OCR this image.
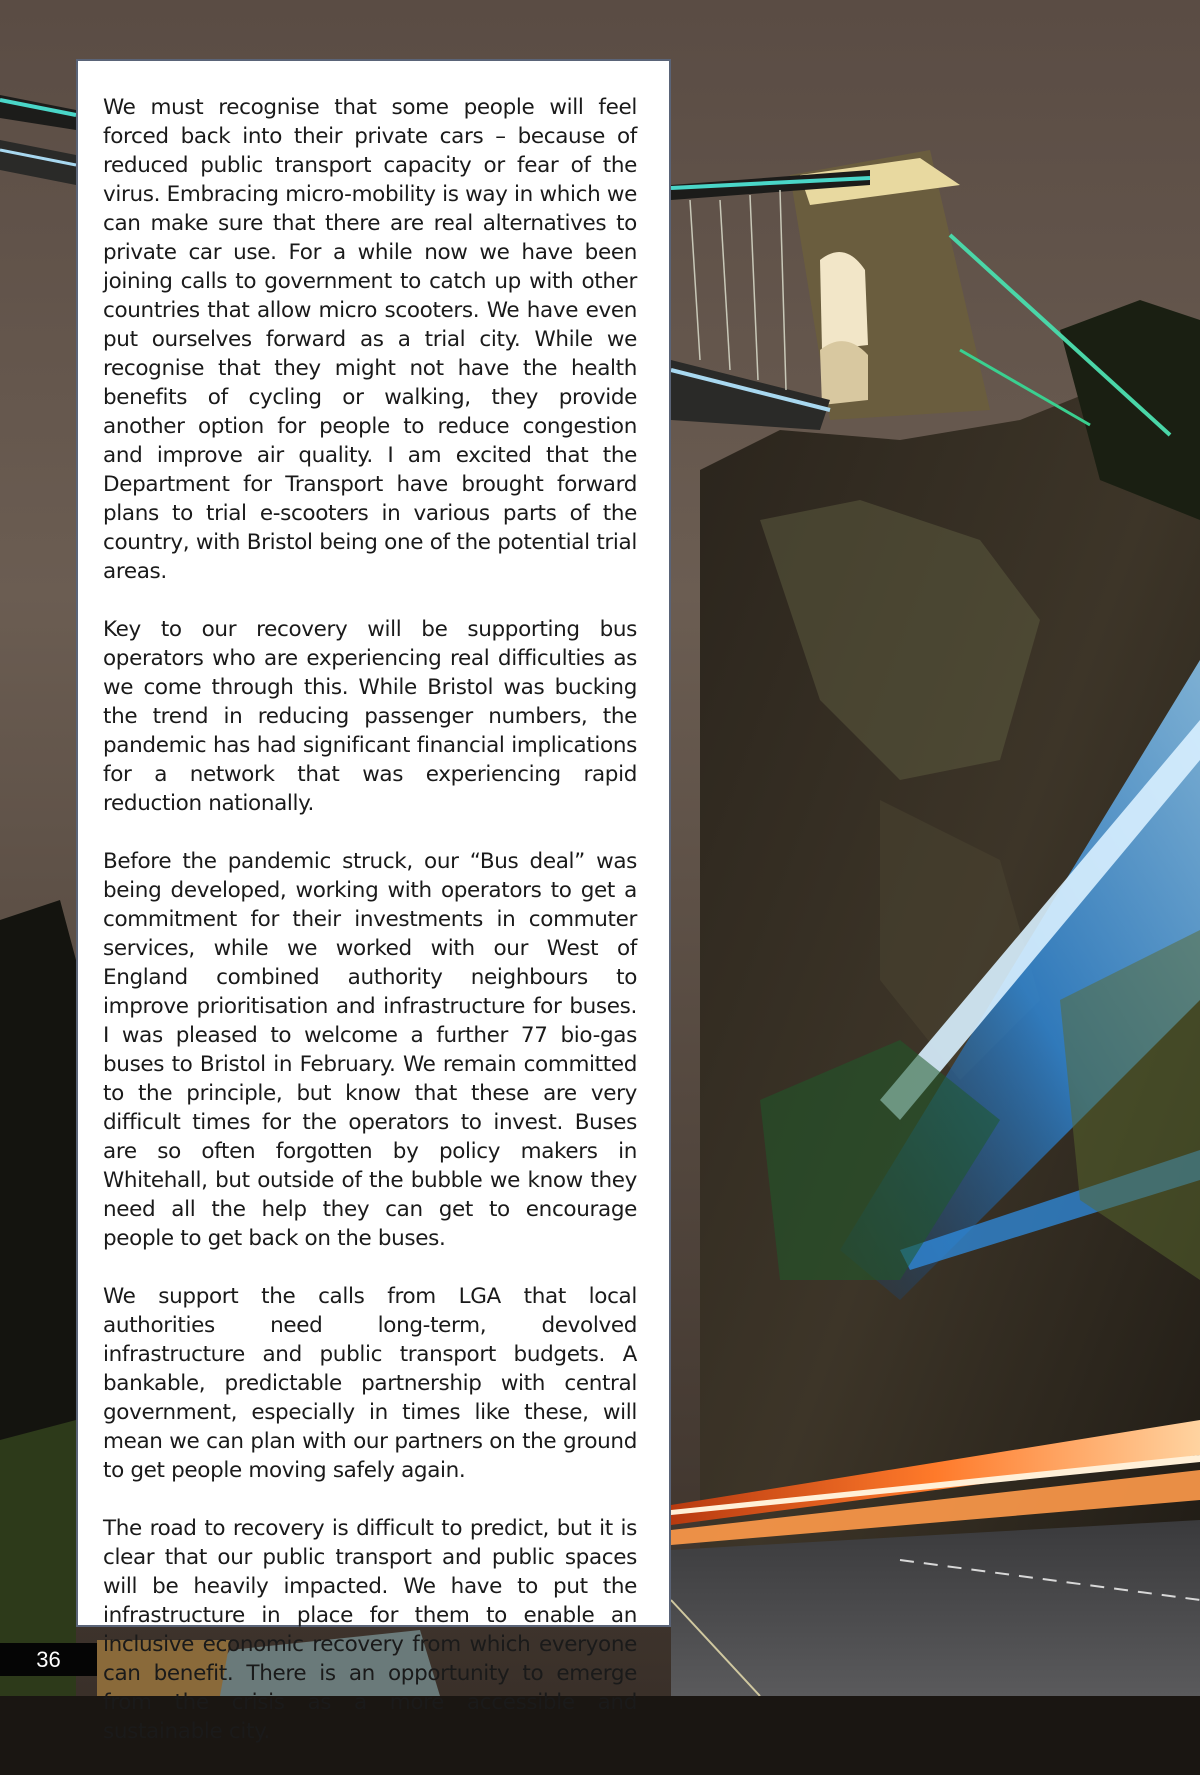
We must recognise that some people will feel forced back into their private cars – because of reduced public transport capacity or fear of the virus. Embracing micro-mobility is way in which we can make sure that there are real alternatives to private car use. For a while now we have been joining calls to government to catch up with other countries that allow micro scooters. We have even put ourselves forward as a trial city. While we recognise that they might not have the health benefits of cycling or walking, they provide another option for people to reduce congestion and improve air quality. I am excited that the Department for Transport have brought forward plans to trial e-scooters in various parts of the country, with Bristol being one of the potential trial areas.

Key to our recovery will be supporting bus operators who are experiencing real difficulties as we come through this. While Bristol was bucking the trend in reducing passenger numbers, the pandemic has had significant financial implications for a network that was experiencing rapid reduction nationally.

Before the pandemic struck, our “Bus deal” was being developed, working with operators to get a commitment for their investments in commuter services, while we worked with our West of England combined authority neighbours to improve prioritisation and infrastructure for buses. I was pleased to welcome a further 77 bio-gas buses to Bristol in February. We remain committed to the principle, but know that these are very difficult times for the operators to invest. Buses are so often forgotten by policy makers in Whitehall, but outside of the bubble we know they need all the help they can get to encourage people to get back on the buses.

We support the calls from LGA that local authorities need long-term, devolved infrastructure and public transport budgets. A bankable, predictable partnership with central government, especially in times like these, will mean we can plan with our partners on the ground to get people moving safely again.

The road to recovery is difficult to predict, but it is clear that our public transport and public spaces will be heavily impacted. We have to put the infrastructure in place for them to enable an inclusive economic recovery from which everyone can benefit. There is an opportunity to emerge from the crisis as a more accessible and sustainable city.

36
